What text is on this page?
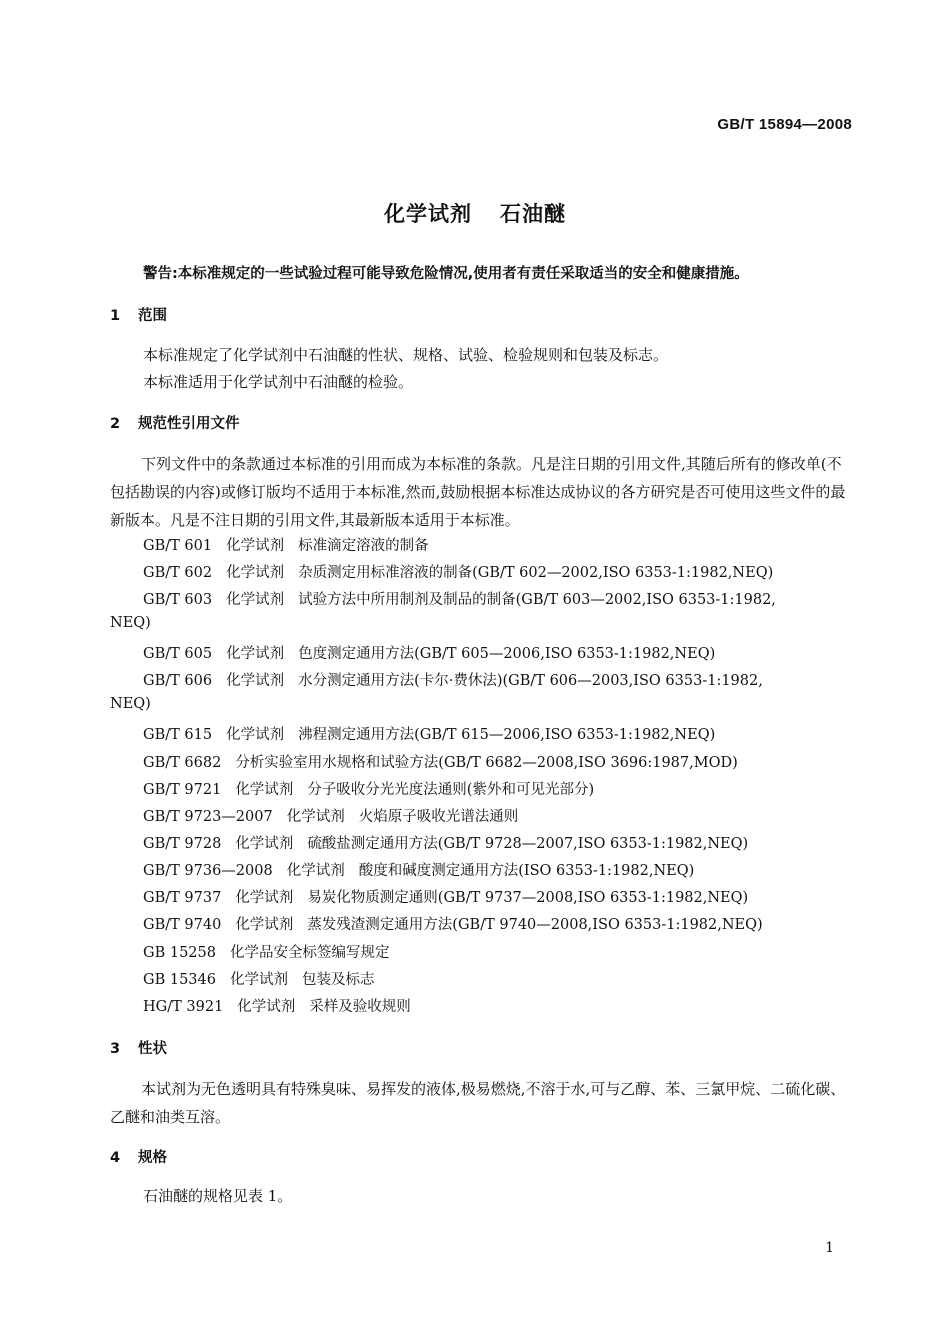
GB/T 15894—2008
化学试剂 石油醚
警告:本标准规定的一些试验过程可能导致危险情况,使用者有责任采取适当的安全和健康措施。
1 范围
本标准规定了化学试剂中石油醚的性状、规格、试验、检验规则和包装及标志。
本标准适用于化学试剂中石油醚的检验。
2 规范性引用文件
下列文件中的条款通过本标准的引用而成为本标准的条款。凡是注日期的引用文件,其随后所有的修改单(不包括勘误的内容)或修订版均不适用于本标准,然而,鼓励根据本标准达成协议的各方研究是否可使用这些文件的最新版本。凡是不注日期的引用文件,其最新版本适用于本标准。
GB/T 601 化学试剂 标准滴定溶液的制备
GB/T 602 化学试剂 杂质测定用标准溶液的制备(GB/T 602—2002,ISO 6353-1:1982,NEQ)
GB/T 603 化学试剂 试验方法中所用制剂及制品的制备(GB/T 603—2002,ISO 6353-1:1982,
NEQ)
GB/T 605 化学试剂 色度测定通用方法(GB/T 605—2006,ISO 6353-1:1982,NEQ)
GB/T 606 化学试剂 水分测定通用方法(卡尔·费休法)(GB/T 606—2003,ISO 6353-1:1982,
NEQ)
GB/T 615 化学试剂 沸程测定通用方法(GB/T 615—2006,ISO 6353-1:1982,NEQ)
GB/T 6682 分析实验室用水规格和试验方法(GB/T 6682—2008,ISO 3696:1987,MOD)
GB/T 9721 化学试剂 分子吸收分光光度法通则(紫外和可见光部分)
GB/T 9723—2007 化学试剂 火焰原子吸收光谱法通则
GB/T 9728 化学试剂 硫酸盐测定通用方法(GB/T 9728—2007,ISO 6353-1:1982,NEQ)
GB/T 9736—2008 化学试剂 酸度和碱度测定通用方法(ISO 6353-1:1982,NEQ)
GB/T 9737 化学试剂 易炭化物质测定通则(GB/T 9737—2008,ISO 6353-1:1982,NEQ)
GB/T 9740 化学试剂 蒸发残渣测定通用方法(GB/T 9740—2008,ISO 6353-1:1982,NEQ)
GB 15258 化学品安全标签编写规定
GB 15346 化学试剂 包装及标志
HG/T 3921 化学试剂 采样及验收规则
3 性状
本试剂为无色透明具有特殊臭味、易挥发的液体,极易燃烧,不溶于水,可与乙醇、苯、三氯甲烷、二硫化碳、乙醚和油类互溶。
4 规格
石油醚的规格见表 1。
1
